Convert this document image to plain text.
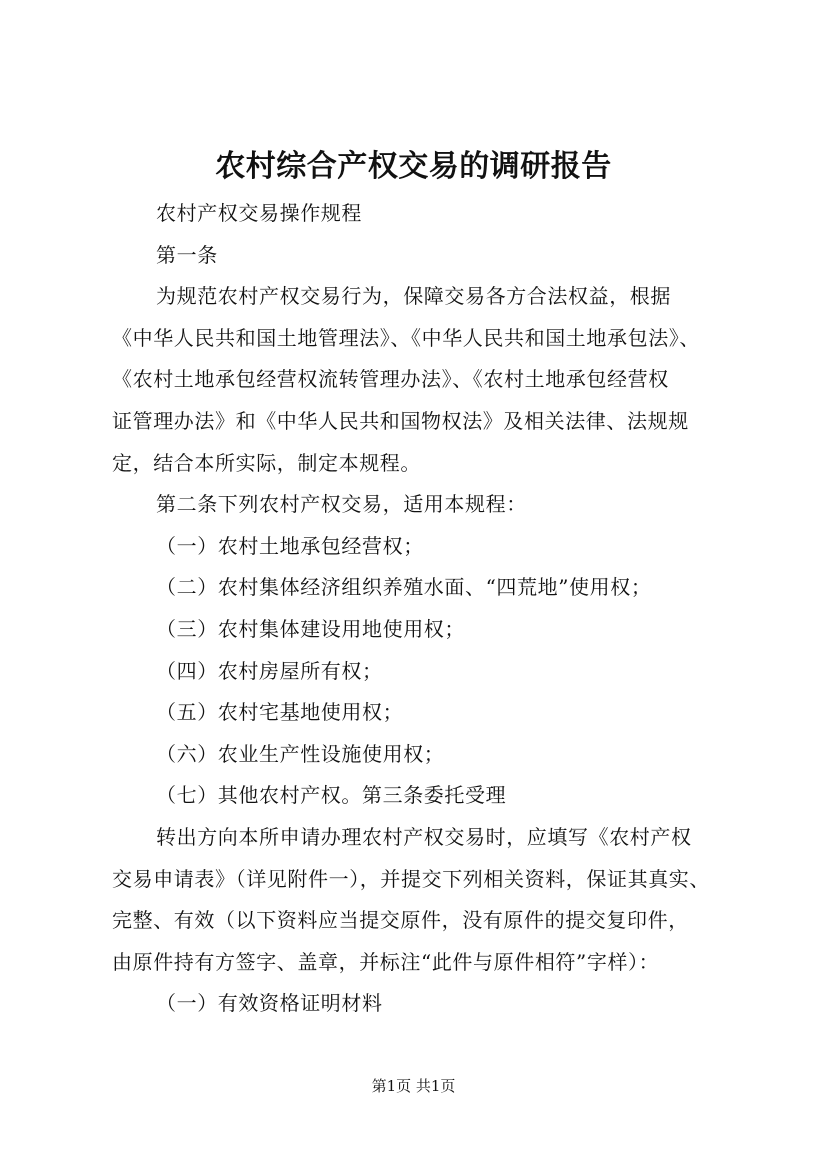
农村综合产权交易的调研报告
农村产权交易操作规程
第一条
为规范农村产权交易行为，保障交易各方合法权益，根据
《中华人民共和国土地管理法》、《中华人民共和国土地承包法》、
《农村土地承包经营权流转管理办法》、《农村土地承包经营权
证管理办法》和《中华人民共和国物权法》及相关法律、法规规
定，结合本所实际，制定本规程。
第二条下列农村产权交易，适用本规程：
（一）农村土地承包经营权；
（二）农村集体经济组织养殖水面、“四荒地”使用权；
（三）农村集体建设用地使用权；
（四）农村房屋所有权；
（五）农村宅基地使用权；
（六）农业生产性设施使用权；
（七）其他农村产权。第三条委托受理
转出方向本所申请办理农村产权交易时，应填写《农村产权
交易申请表》（详见附件一），并提交下列相关资料，保证其真实、
完整、有效（以下资料应当提交原件，没有原件的提交复印件，
由原件持有方签字、盖章，并标注“此件与原件相符”字样）：
（一）有效资格证明材料
第1页 共1页
